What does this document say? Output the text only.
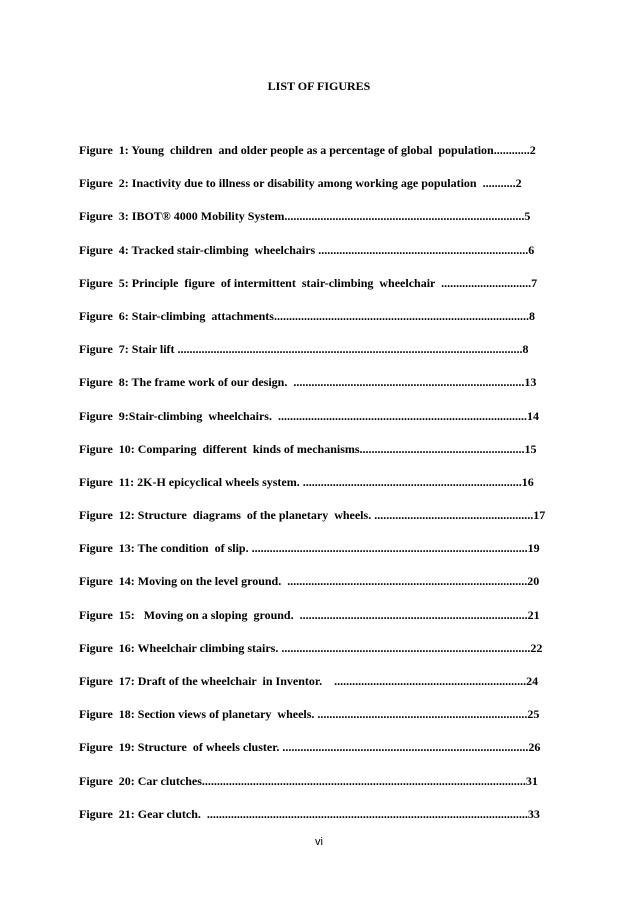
LIST OF FIGURES
Figure  1: Young  children  and older people as a percentage of global  population............2
Figure  2: Inactivity due to illness or disability among working age population  ...........2
Figure  3: IBOT® 4000 Mobility System................................................................................5
Figure  4: Tracked stair-climbing  wheelchairs ......................................................................6
Figure  5: Principle  figure  of intermittent  stair-climbing  wheelchair  ..............................7
Figure  6: Stair-climbing  attachments.....................................................................................8
Figure  7: Stair lift ...................................................................................................................8
Figure  8: The frame work of our design.  .............................................................................13
Figure  9:Stair-climbing  wheelchairs.  ...................................................................................14
Figure  10: Comparing  different  kinds of mechanisms.......................................................15
Figure  11: 2K-H epicyclical wheels system. .........................................................................16
Figure  12: Structure  diagrams  of the planetary  wheels. .....................................................17
Figure  13: The condition  of slip. ............................................................................................19
Figure  14: Moving on the level ground.  ................................................................................20
Figure  15:   Moving on a sloping  ground.  ............................................................................21
Figure  16: Wheelchair climbing stairs. ...................................................................................22
Figure  17: Draft of the wheelchair  in Inventor.    ................................................................24
Figure  18: Section views of planetary  wheels. ......................................................................25
Figure  19: Structure  of wheels cluster. ..................................................................................26
Figure  20: Car clutches............................................................................................................31
Figure  21: Gear clutch.  ...........................................................................................................33
vi
